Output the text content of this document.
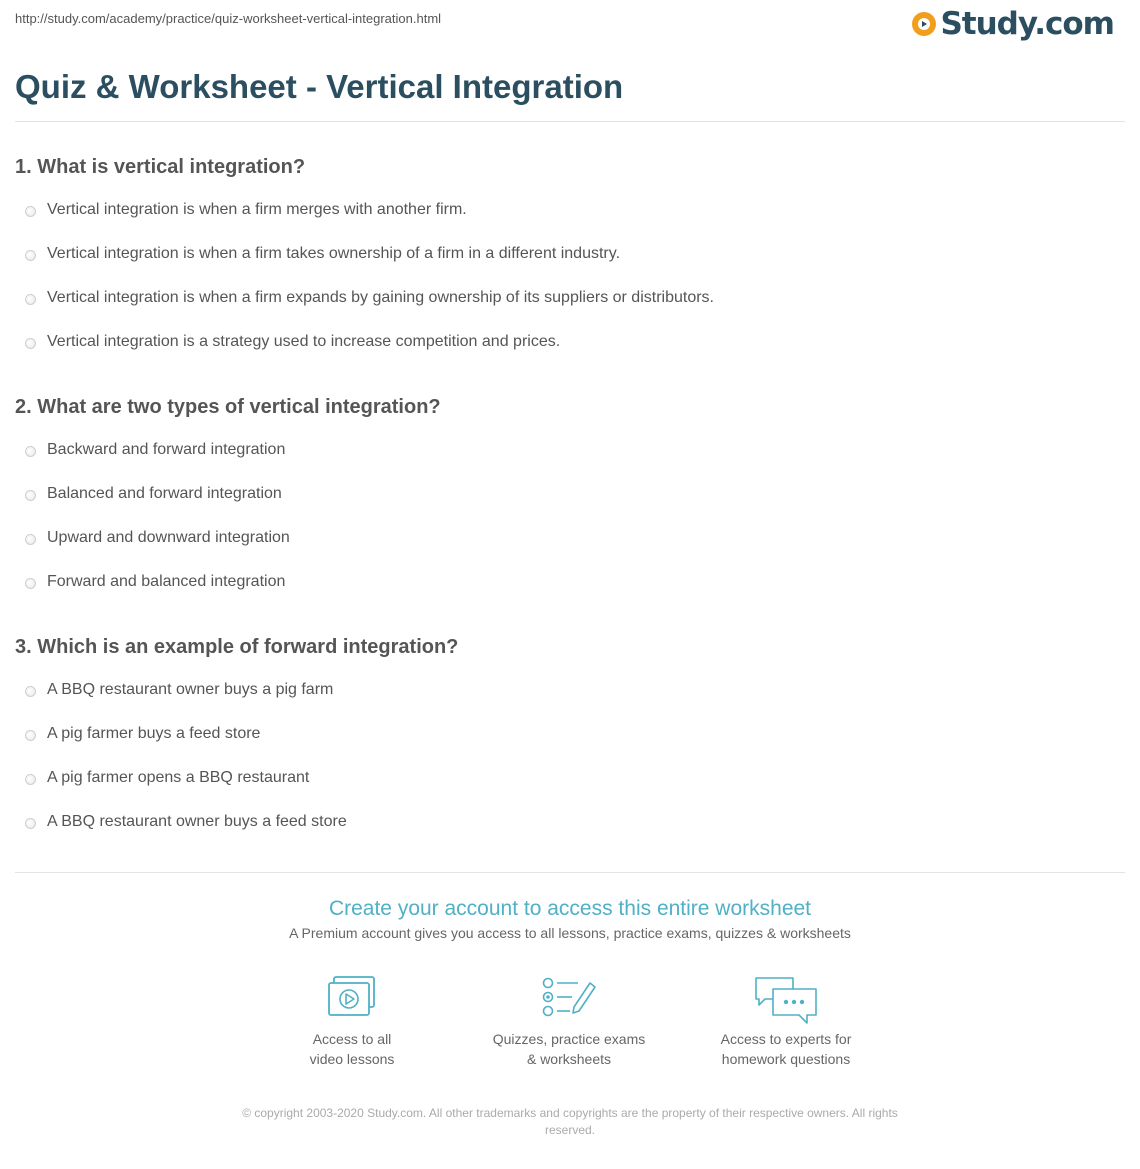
http://study.com/academy/practice/quiz-worksheet-vertical-integration.html	Study.com
Quiz & Worksheet - Vertical Integration
1. What is vertical integration?
Vertical integration is when a firm merges with another firm.
Vertical integration is when a firm takes ownership of a firm in a different industry.
Vertical integration is when a firm expands by gaining ownership of its suppliers or distributors.
Vertical integration is a strategy used to increase competition and prices.
2. What are two types of vertical integration?
Backward and forward integration
Balanced and forward integration
Upward and downward integration
Forward and balanced integration
3. Which is an example of forward integration?
A BBQ restaurant owner buys a pig farm
A pig farmer buys a feed store
A pig farmer opens a BBQ restaurant
A BBQ restaurant owner buys a feed store

Create your account to access this entire worksheet

A Premium account gives you access to all lessons, practice exams, quizzes & worksheets
Access to all
video lessons
Quizzes, practice exams
& worksheets
Access to experts for
homework questions
© copyright 2003-2020 Study.com. All other trademarks and copyrights are the property of their respective owners. All rights
reserved.
